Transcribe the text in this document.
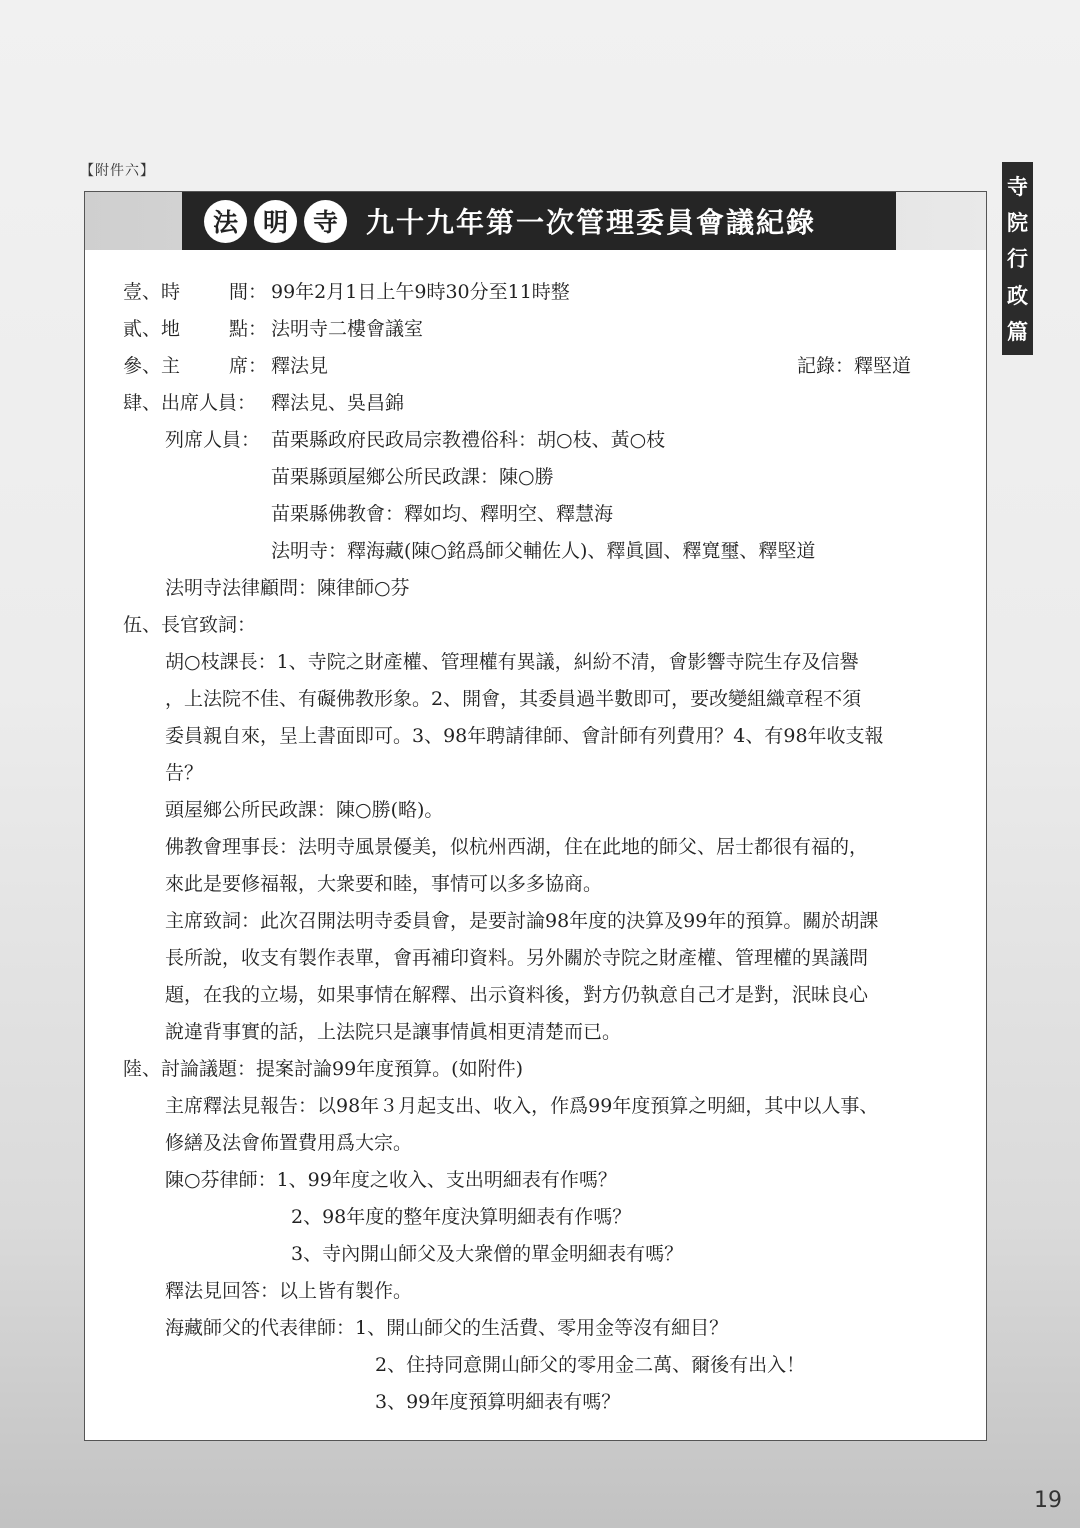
【附件六】
寺
院
行
政
篇
法 明 寺	九十九年第一次管理委員會議紀錄
壹、時	間： 99年2月1日上午9時30分至11時整
貳、地	點： 法明寺二樓會議室
參、主	席： 釋法見	記錄：釋堅道
肆、出席人員： 釋法見、吳昌錦
列席人員： 苗栗縣政府民政局宗教禮俗科：胡○枝、黃○枝
苗栗縣頭屋鄉公所民政課：陳○勝
苗栗縣佛教會：釋如均、釋明空、釋慧海
法明寺：釋海藏(陳○銘爲師父輔佐人)、釋眞圓、釋寬璽、釋堅道
法明寺法律顧問：陳律師○芬
伍、長官致詞：
胡○枝課長：1、寺院之財產權、管理權有異議，糾紛不清，會影響寺院生存及信譽
，上法院不佳、有礙佛教形象。2、開會，其委員過半數即可，要改變組織章程不須
委員親自來，呈上書面即可。3、98年聘請律師、會計師有列費用？4、有98年收支報
告？
頭屋鄉公所民政課：陳○勝(略)。
佛教會理事長：法明寺風景優美，似杭州西湖，住在此地的師父、居士都很有福的，
來此是要修福報，大衆要和睦，事情可以多多協商。
主席致詞：此次召開法明寺委員會，是要討論98年度的決算及99年的預算。關於胡課
長所說，收支有製作表單，會再補印資料。另外關於寺院之財產權、管理權的異議問
題，在我的立場，如果事情在解釋、出示資料後，對方仍執意自己才是對，泯昧良心
說違背事實的話，上法院只是讓事情眞相更清楚而已。
陸、討論議題：提案討論99年度預算。(如附件)
主席釋法見報告：以98年３月起支出、收入，作爲99年度預算之明細，其中以人事、
修繕及法會佈置費用爲大宗。
陳○芬律師：1、99年度之收入、支出明細表有作嗎？
2、98年度的整年度決算明細表有作嗎？
3、寺內開山師父及大衆僧的單金明細表有嗎？
釋法見回答：以上皆有製作。
海藏師父的代表律師：1、開山師父的生活費、零用金等沒有細目？
2、住持同意開山師父的零用金二萬、爾後有出入！
3、99年度預算明細表有嗎？
19
